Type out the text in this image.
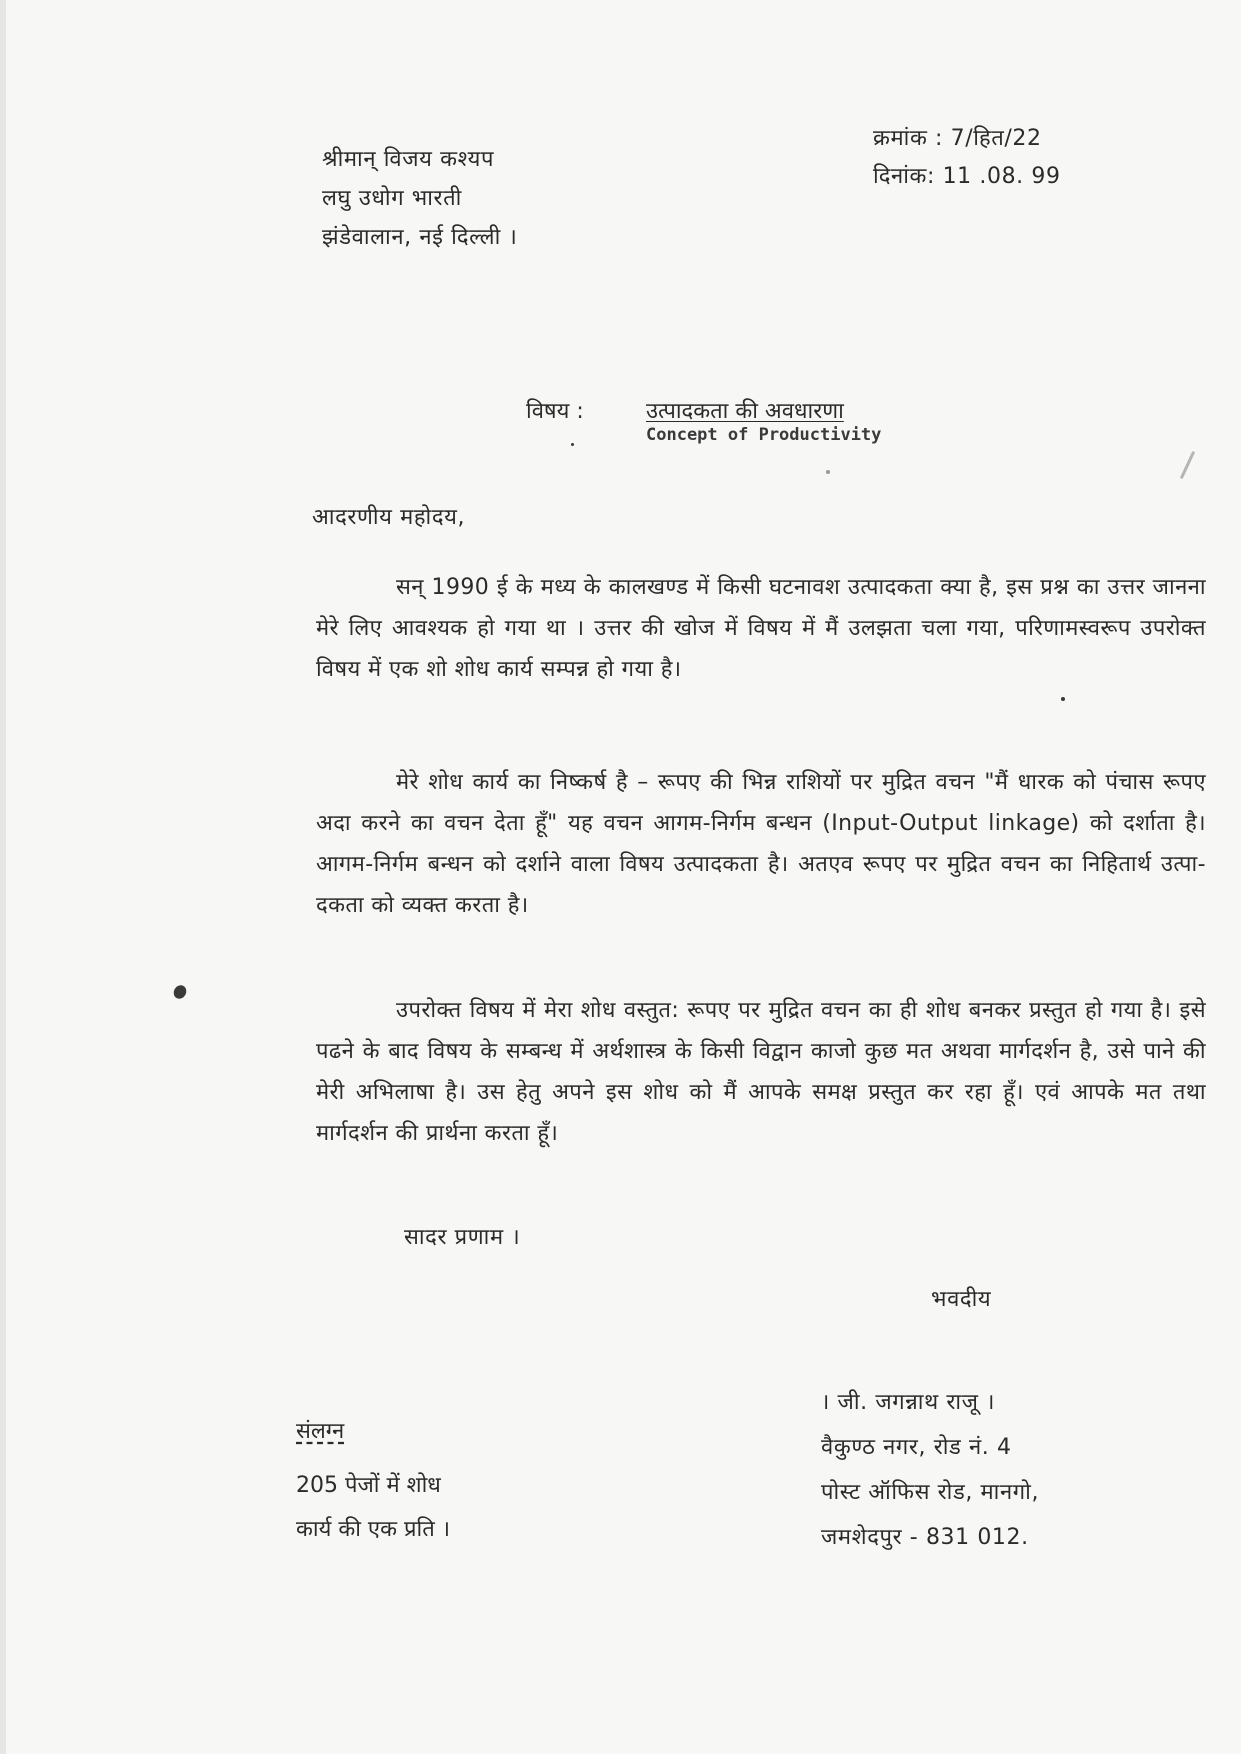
श्रीमान् विजय कश्यप
लघु उधोग भारती
झंडेवालान, नई दिल्ली ।
क्रमांक : 7/हित/22
दिनांक: 11 .08. 99
विषय :	उत्पादकता की अवधारणा
Concept of Productivity
आदरणीय महोदय,
सन् 1990 ई के मध्य के कालखण्ड में किसी घटनावश उत्पादकता क्या है, इस प्रश्न का उत्तर जानना मेरे लिए आवश्यक हो गया था । उत्तर की खोज में विषय में मैं उलझता चला गया, परिणामस्वरूप उपरोक्त विषय में एक शो शोध कार्य सम्पन्न हो गया है।
मेरे शोध कार्य का निष्कर्ष है – रूपए की भिन्न राशियों पर मुद्रित वचन "मैं धारक को पंचास रूपए अदा करने का वचन देता हूँ" यह वचन आगम-निर्गम बन्धन (Input-Output linkage) को दर्शाता है। आगम-निर्गम बन्धन को दर्शाने वाला विषय उत्पादकता है। अतएव रूपए पर मुद्रित वचन का निहितार्थ उत्पा-दकता को व्यक्त करता है।
उपरोक्त विषय में मेरा शोध वस्तुत: रूपए पर मुद्रित वचन का ही शोध बनकर प्रस्तुत हो गया है। इसे पढने के बाद विषय के सम्बन्ध में अर्थशास्त्र के किसी विद्वान काजो कुछ मत अथवा मार्गदर्शन है, उसे पाने की मेरी अभिलाषा है। उस हेतु अपने इस शोध को मैं आपके समक्ष प्रस्तुत कर रहा हूँ। एवं आपके मत तथा मार्गदर्शन की प्रार्थना करता हूँ।
सादर प्रणाम ।
भवदीय
। जी. जगन्नाथ राजू ।
वैकुण्ठ नगर, रोड नं. 4
पोस्ट ऑफिस रोड, मानगो,
जमशेदपुर - 831 012.
संलग्न
205 पेजों में शोध
कार्य की एक प्रति ।
